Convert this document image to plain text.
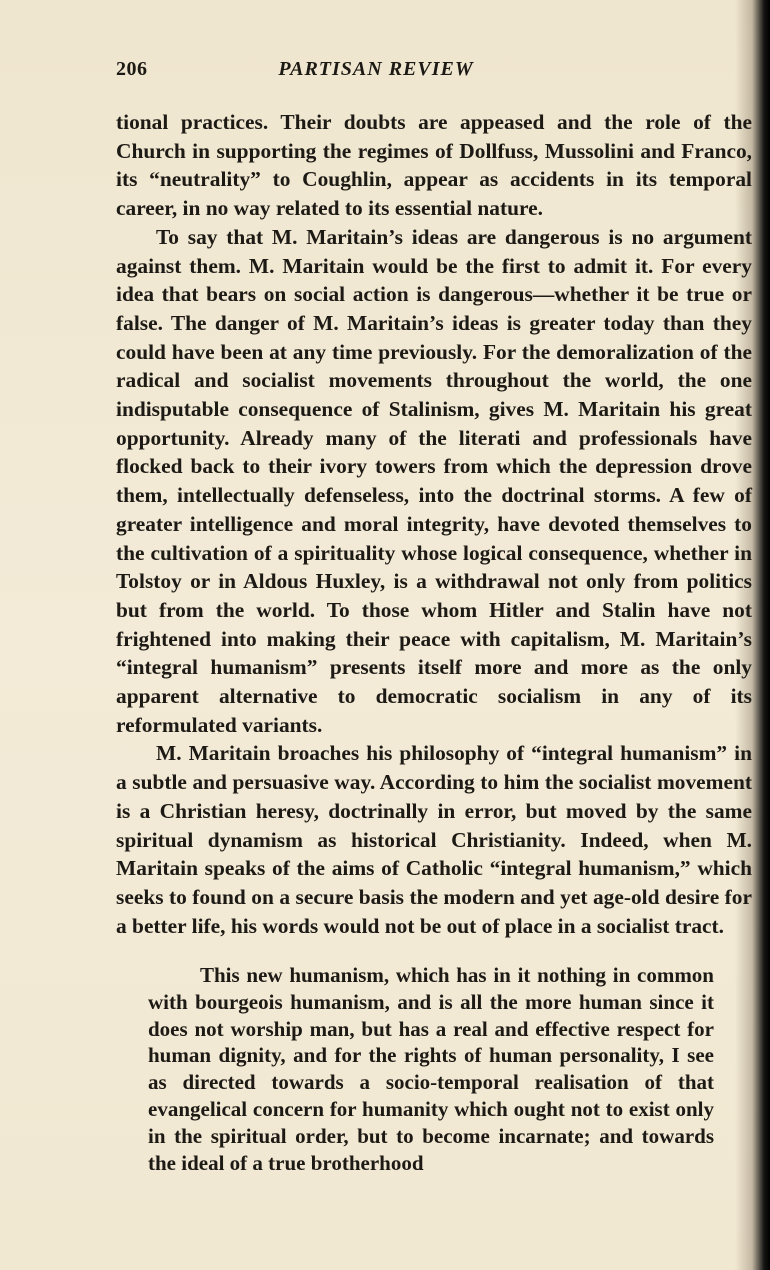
206	PARTISAN REVIEW

tional practices. Their doubts are appeased and the role of the Church in supporting the regimes of Dollfuss, Mussolini and Franco, its “neutrality” to Coughlin, appear as accidents in its temporal career, in no way related to its essential nature.

To say that M. Maritain’s ideas are dangerous is no argument against them. M. Maritain would be the first to admit it. For every idea that bears on social action is dangerous—whether it be true or false. The danger of M. Maritain’s ideas is greater today than they could have been at any time previously. For the demoralization of the radical and socialist movements throughout the world, the one indisputable consequence of Stalinism, gives M. Maritain his great opportunity. Already many of the literati and professionals have flocked back to their ivory towers from which the depression drove them, intellectually defenseless, into the doctrinal storms. A few of greater intelligence and moral integrity, have devoted themselves to the cultivation of a spirituality whose logical consequence, whether in Tolstoy or in Aldous Huxley, is a withdrawal not only from politics but from the world. To those whom Hitler and Stalin have not frightened into making their peace with capitalism, M. Maritain’s “integral humanism” presents itself more and more as the only apparent alternative to democratic socialism in any of its reformulated variants.

M. Maritain broaches his philosophy of “integral humanism” in a subtle and persuasive way. According to him the socialist movement is a Christian heresy, doctrinally in error, but moved by the same spiritual dynamism as historical Christianity. Indeed, when M. Maritain speaks of the aims of Catholic “integral humanism,” which seeks to found on a secure basis the modern and yet age-old desire for a better life, his words would not be out of place in a socialist tract.

This new humanism, which has in it nothing in common with bourgeois humanism, and is all the more human since it does not worship man, but has a real and effective respect for human dignity, and for the rights of human personality, I see as directed towards a socio-temporal realisation of that evangelical concern for humanity which ought not to exist only in the spiritual order, but to become incarnate; and towards the ideal of a true brotherhood
